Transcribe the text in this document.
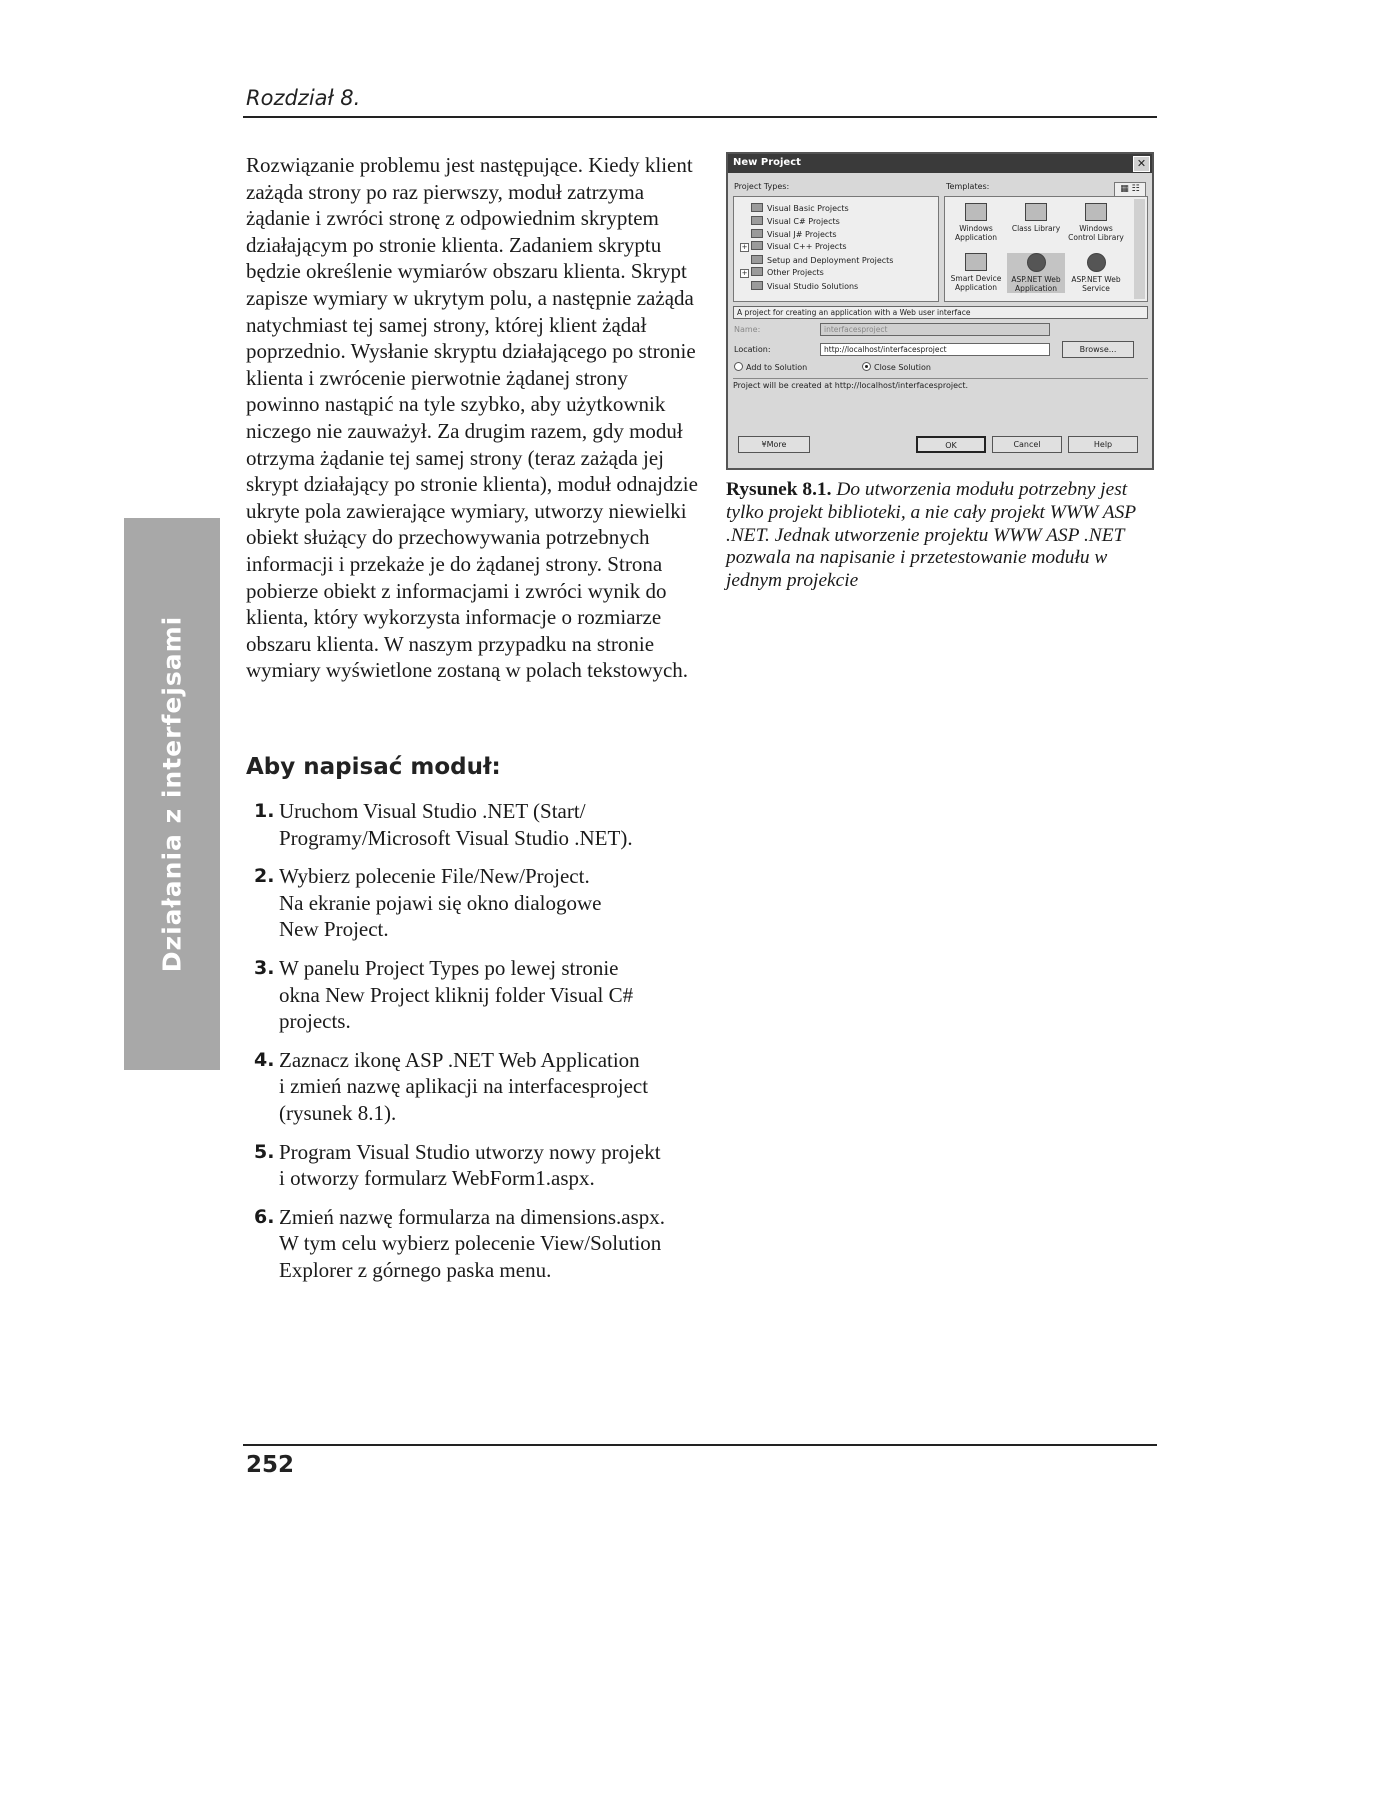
Rozdział 8.
Działania z interfejsami

Rozwiązanie problemu jest następujące. Kiedy klient zażąda strony po raz pierwszy, moduł zatrzyma żądanie i zwróci stronę z odpowiednim skryptem działającym po stronie klienta. Zadaniem skryptu będzie określenie wymiarów obszaru klienta. Skrypt zapisze wymiary w ukrytym polu, a następnie zażąda natychmiast tej samej strony, której klient żądał poprzednio. Wysłanie skryptu działającego po stronie klienta i zwrócenie pierwotnie żądanej strony powinno nastąpić na tyle szybko, aby użytkownik niczego nie zauważył. Za drugim razem, gdy moduł otrzyma żądanie tej samej strony (teraz zażąda jej skrypt działający po stronie klienta), moduł odnajdzie ukryte pola zawierające wymiary, utworzy niewielki obiekt służący do przechowywania potrzebnych informacji i przekaże je do żądanej strony. Strona pobierze obiekt z informacjami i zwróci wynik do klienta, który wykorzysta informacje o rozmiarze obszaru klienta. W naszym przypadku na stronie wymiary wyświetlone zostaną w polach tekstowych.

Aby napisać moduł:
1. Uruchom Visual Studio .NET (Start/
Programy/Microsoft Visual Studio .NET).
2. Wybierz polecenie File/New/Project.
Na ekranie pojawi się okno dialogowe
New Project.
3. W panelu Project Types po lewej stronie
okna New Project kliknij folder Visual C#
projects.
4. Zaznacz ikonę ASP .NET Web Application
i zmień nazwę aplikacji na interfacesproject
(rysunek 8.1).
5. Program Visual Studio utworzy nowy projekt
i otworzy formularz WebForm1.aspx.
6. Zmień nazwę formularza na dimensions.aspx.
W tym celu wybierz polecenie View/Solution
Explorer z górnego paska menu.
New Project	✕
Project Types:	Templates:	▦ ☷
Visual Basic Projects
Visual C# Projects
Visual J# Projects
+ Visual C++ Projects
Setup and Deployment Projects
+ Other Projects
Visual Studio Solutions
Windows Application
Class Library	Windows Control Library
Smart Device Application
ASP.NET Web Application
ASP.NET Web Service
A project for creating an application with a Web user interface
Name:	interfacesproject
Location:	http://localhost/interfacesproject	Browse...
Add to Solution	Close Solution
Project will be created at http://localhost/interfacesproject.
¥More	OK	Cancel	Help

Rysunek 8.1. Do utworzenia modułu potrzebny jest tylko projekt biblioteki, a nie cały projekt WWW ASP .NET. Jednak utworzenie projektu WWW ASP .NET pozwala na napisanie i przetestowanie modułu w jednym projekcie

252
